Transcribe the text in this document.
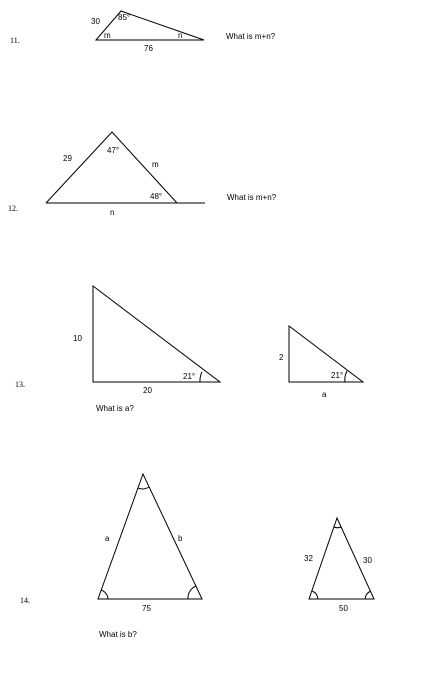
11.
30 85°
m	n
76
What is m+n?
12.
29
47°
m
48°
n
What is m+n?
13.
10
20
21°
What is a?
2
21°
a
14.
a	b
75
What is b?
32	30
50
